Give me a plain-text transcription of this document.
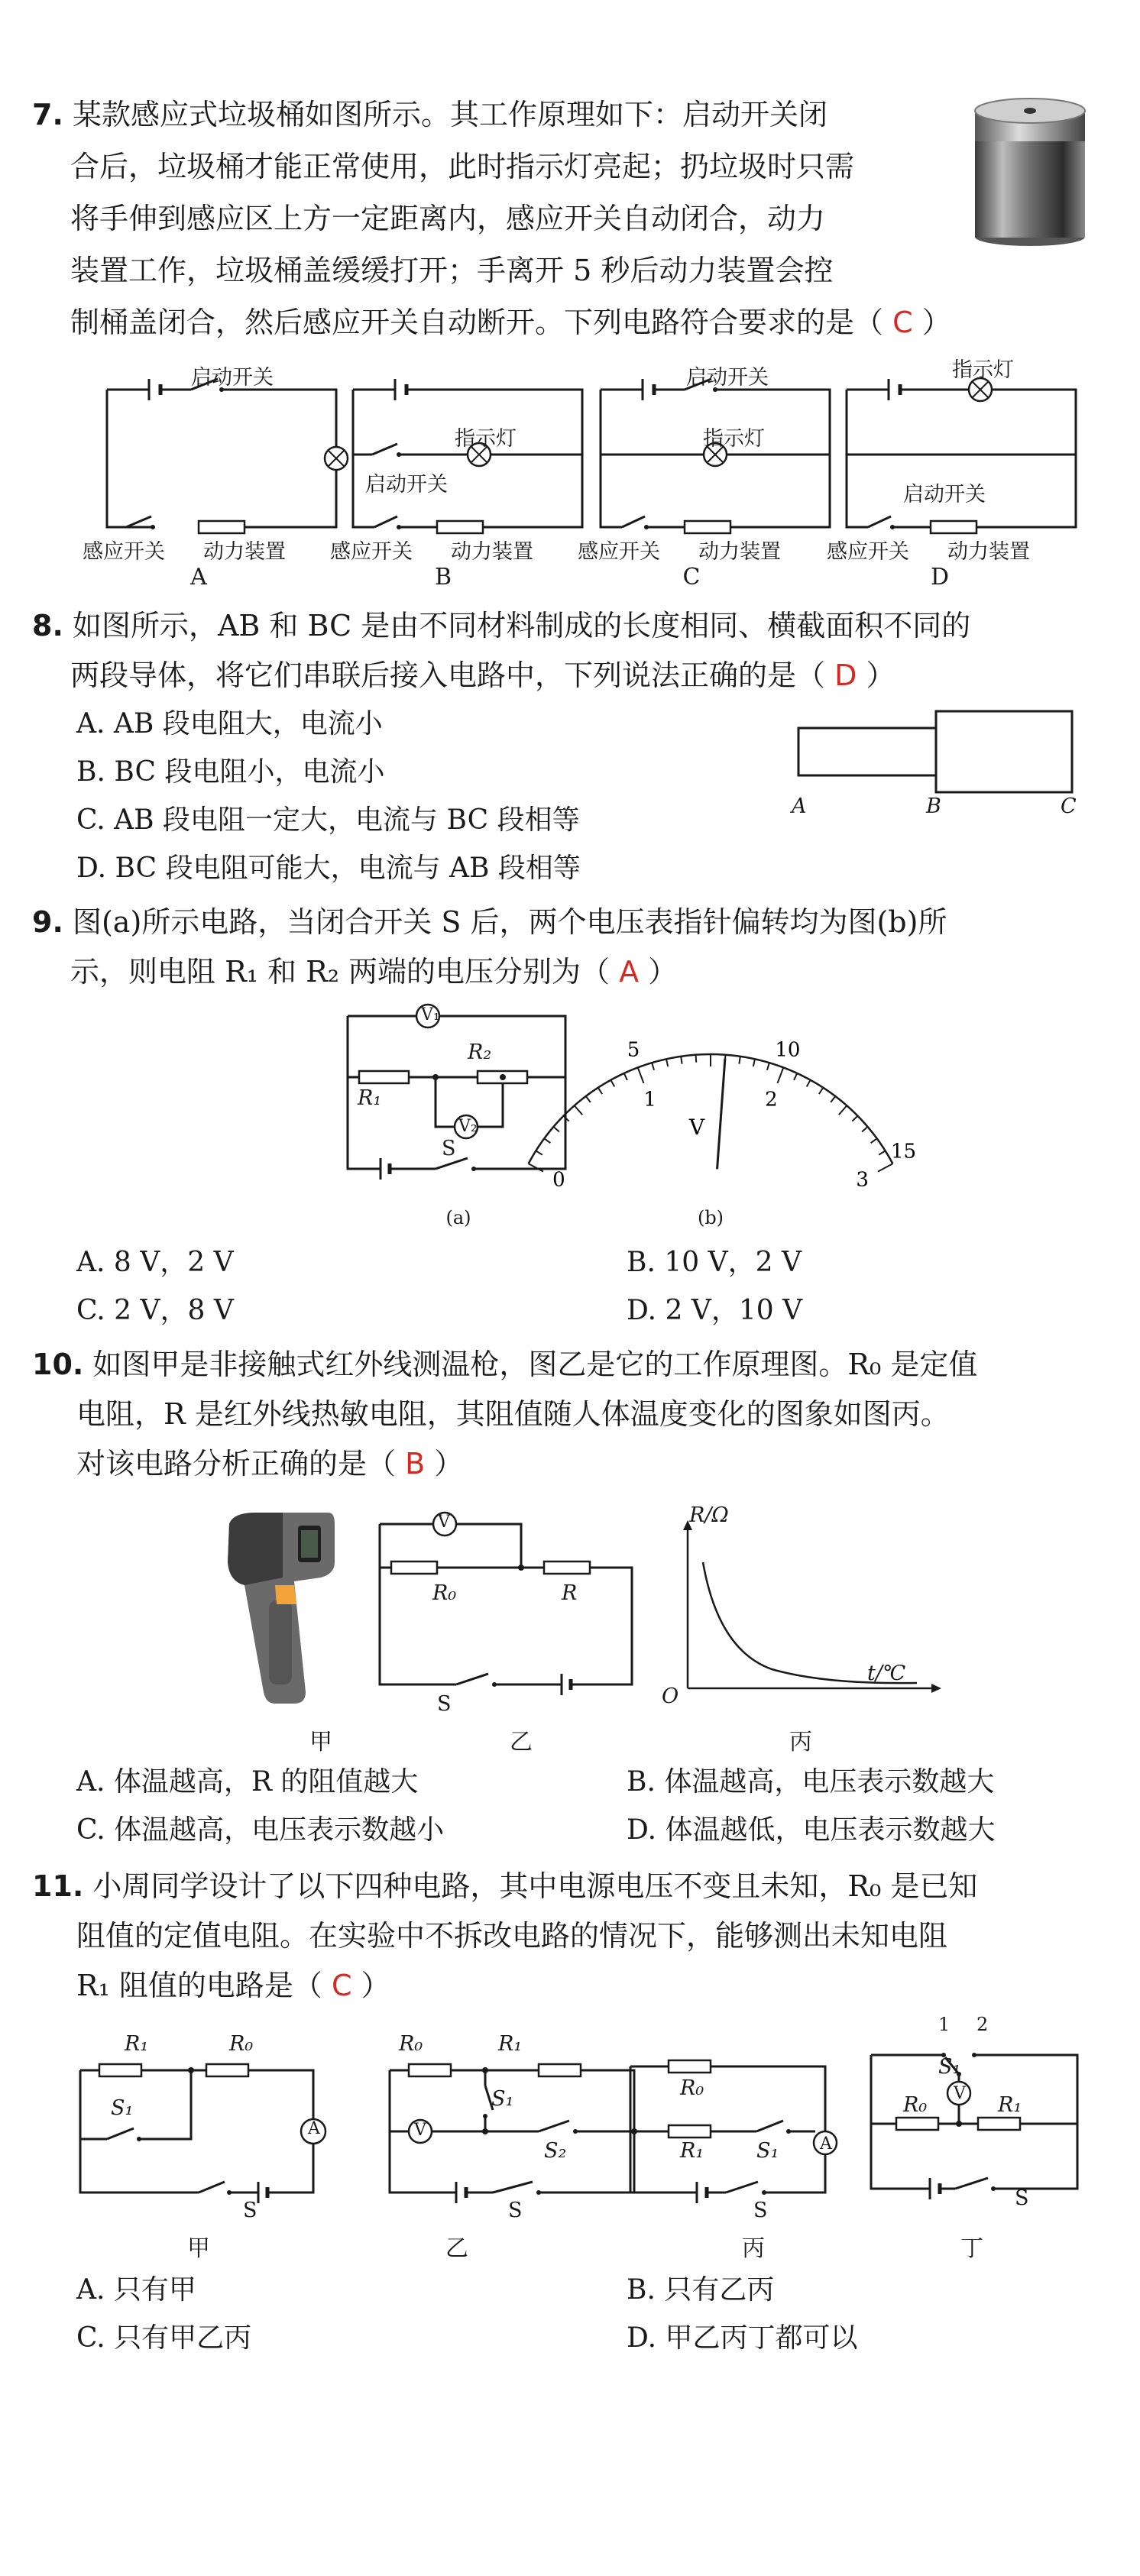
7. 某款感应式垃圾桶如图所示。其工作原理如下：启动开关闭
合后，垃圾桶才能正常使用，此时指示灯亮起；扔垃圾时只需
将手伸到感应区上方一定距离内，感应开关自动闭合，动力
装置工作，垃圾桶盖缓缓打开；手离开 5 秒后动力装置会控
制桶盖闭合，然后感应开关自动断开。下列电路符合要求的是（ C ）
启动开关
感应开关 动力装置
A
指示灯
启动开关
感应开关 动力装置
B
启动开关
指示灯
感应开关 动力装置
C
指示灯
启动开关
感应开关 动力装置
D
8. 如图所示，AB 和 BC 是由不同材料制成的长度相同、横截面积不同的
两段导体，将它们串联后接入电路中，下列说法正确的是（ D ）
A. AB 段电阻大，电流小
B. BC 段电阻小，电流小
C. AB 段电阻一定大，电流与 BC 段相等
D. BC 段电阻可能大，电流与 AB 段相等
A	B	C
9. 图(a)所示电路，当闭合开关 S 后，两个电压表指针偏转均为图(b)所
示，则电阻 R₁ 和 R₂ 两端的电压分别为（ A ）
V₁
R₂
R₁
V₂
S
(a)
5	10
15
0
1	2
3
V
(b)
A. 8 V，2 V	B. 10 V，2 V
C. 2 V，8 V	D. 2 V，10 V
10. 如图甲是非接触式红外线测温枪，图乙是它的工作原理图。R₀ 是定值
电阻，R 是红外线热敏电阻，其阻值随人体温度变化的图象如图丙。
对该电路分析正确的是（ B ）
V
R₀	R
S
R/Ω
t/℃
O
甲	乙	丙
A. 体温越高，R 的阻值越大	B. 体温越高，电压表示数越大
C. 体温越高，电压表示数越小	D. 体温越低，电压表示数越大
11. 小周同学设计了以下四种电路，其中电源电压不变且未知，R₀ 是已知
阻值的定值电阻。在实验中不拆改电路的情况下，能够测出未知电阻
R₁ 阻值的电路是（ C ）
R₁	R₀
S₁
A
S
甲
R₀	R₁
S₁
V
S₂
S
乙
R₀
R₁	S₁ A
S
丙
1 2
S₁
R₀ V R₁
S
丁
A. 只有甲	B. 只有乙丙
C. 只有甲乙丙	D. 甲乙丙丁都可以
